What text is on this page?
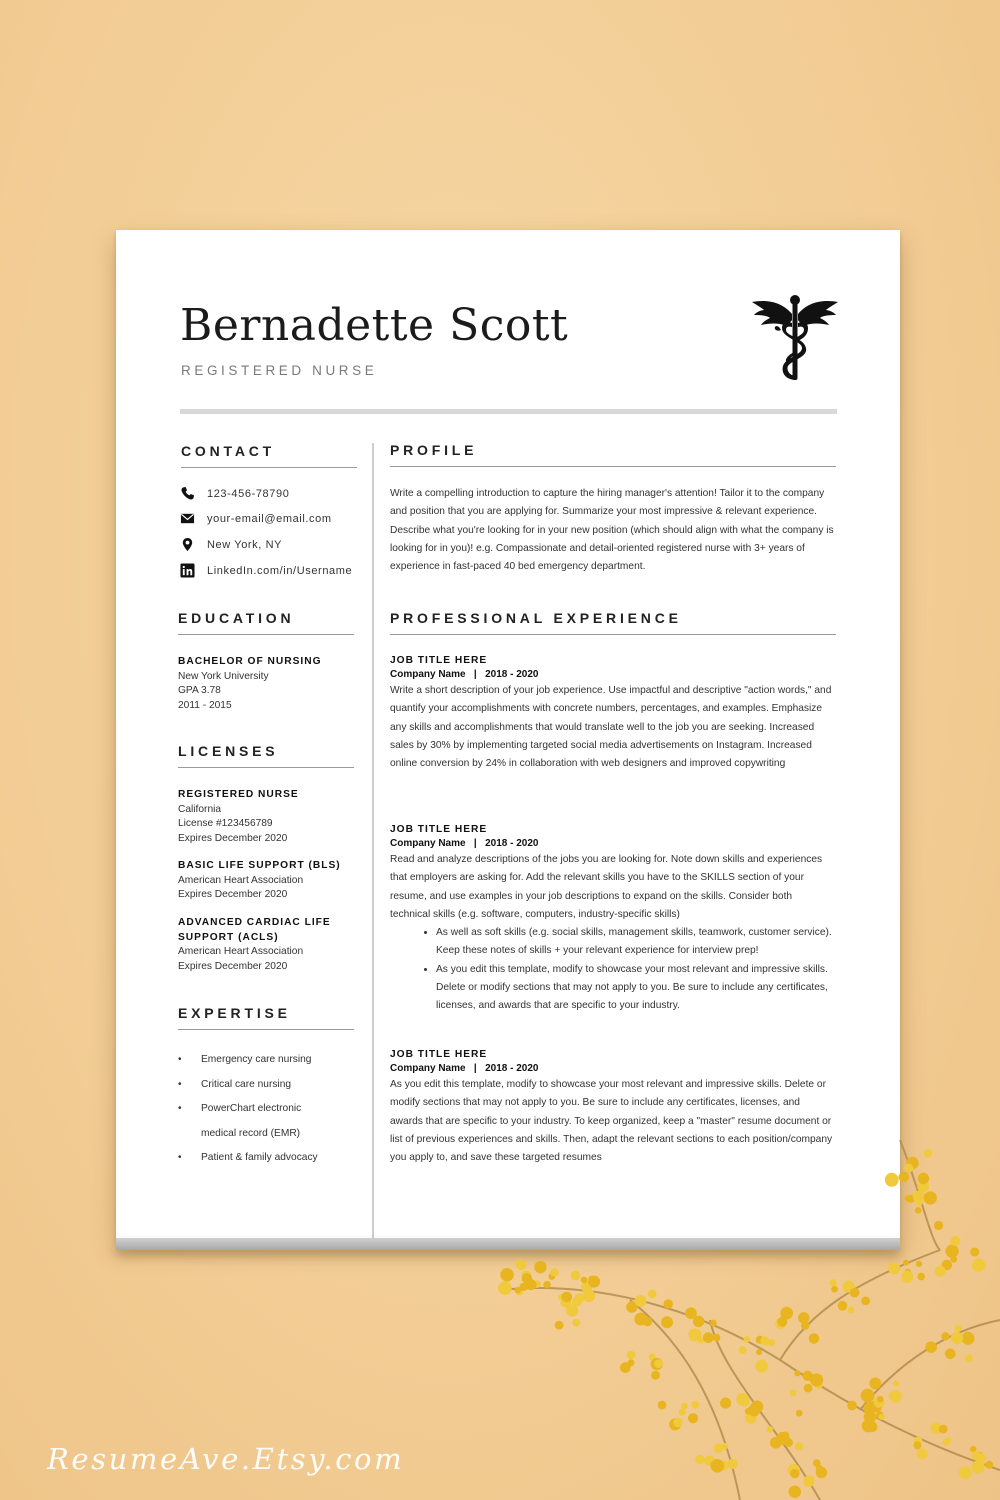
Bernadette Scott
REGISTERED NURSE
CONTACT
123-456-78790
your-email@email.com
New York, NY
LinkedIn.com/in/Username
EDUCATION
BACHELOR OF NURSING
New York University
GPA 3.78
2011 - 2015
LICENSES
REGISTERED NURSE
California
License #123456789
Expires December 2020
BASIC LIFE SUPPORT (BLS)
American Heart Association
Expires December 2020
ADVANCED CARDIAC LIFE SUPPORT (ACLS)
American Heart Association
Expires December 2020
EXPERTISE
• Emergency care nursing
• Critical care nursing
• PowerChart electronic medical record (EMR)
• Patient & family advocacy
PROFILE
Write a compelling introduction to capture the hiring manager's attention! Tailor it to the company and position that you are applying for. Summarize your most impressive & relevant experience. Describe what you're looking for in your new position (which should align with what the company is looking for in you)! e.g. Compassionate and detail-oriented registered nurse with 3+ years of experience in fast-paced 40 bed emergency department.
PROFESSIONAL EXPERIENCE
JOB TITLE HERE
Company Name | 2018 - 2020
Write a short description of your job experience. Use impactful and descriptive "action words," and quantify your accomplishments with concrete numbers, percentages, and examples. Emphasize any skills and accomplishments that would translate well to the job you are seeking. Increased sales by 30% by implementing targeted social media advertisements on Instagram. Increased online conversion by 24% in collaboration with web designers and improved copywriting
JOB TITLE HERE
Company Name | 2018 - 2020
Read and analyze descriptions of the jobs you are looking for. Note down skills and experiences that employers are asking for. Add the relevant skills you have to the SKILLS section of your resume, and use examples in your job descriptions to expand on the skills. Consider both technical skills (e.g. software, computers, industry-specific skills)
• As well as soft skills (e.g. social skills, management skills, teamwork, customer service). Keep these notes of skills + your relevant experience for interview prep!
• As you edit this template, modify to showcase your most relevant and impressive skills. Delete or modify sections that may not apply to you. Be sure to include any certificates, licenses, and awards that are specific to your industry.
JOB TITLE HERE
Company Name | 2018 - 2020
As you edit this template, modify to showcase your most relevant and impressive skills. Delete or modify sections that may not apply to you. Be sure to include any certificates, licenses, and awards that are specific to your industry. To keep organized, keep a "master" resume document or list of previous experiences and skills. Then, adapt the relevant sections to each position/company you apply to, and save these targeted resumes
ResumeAve.Etsy.com
